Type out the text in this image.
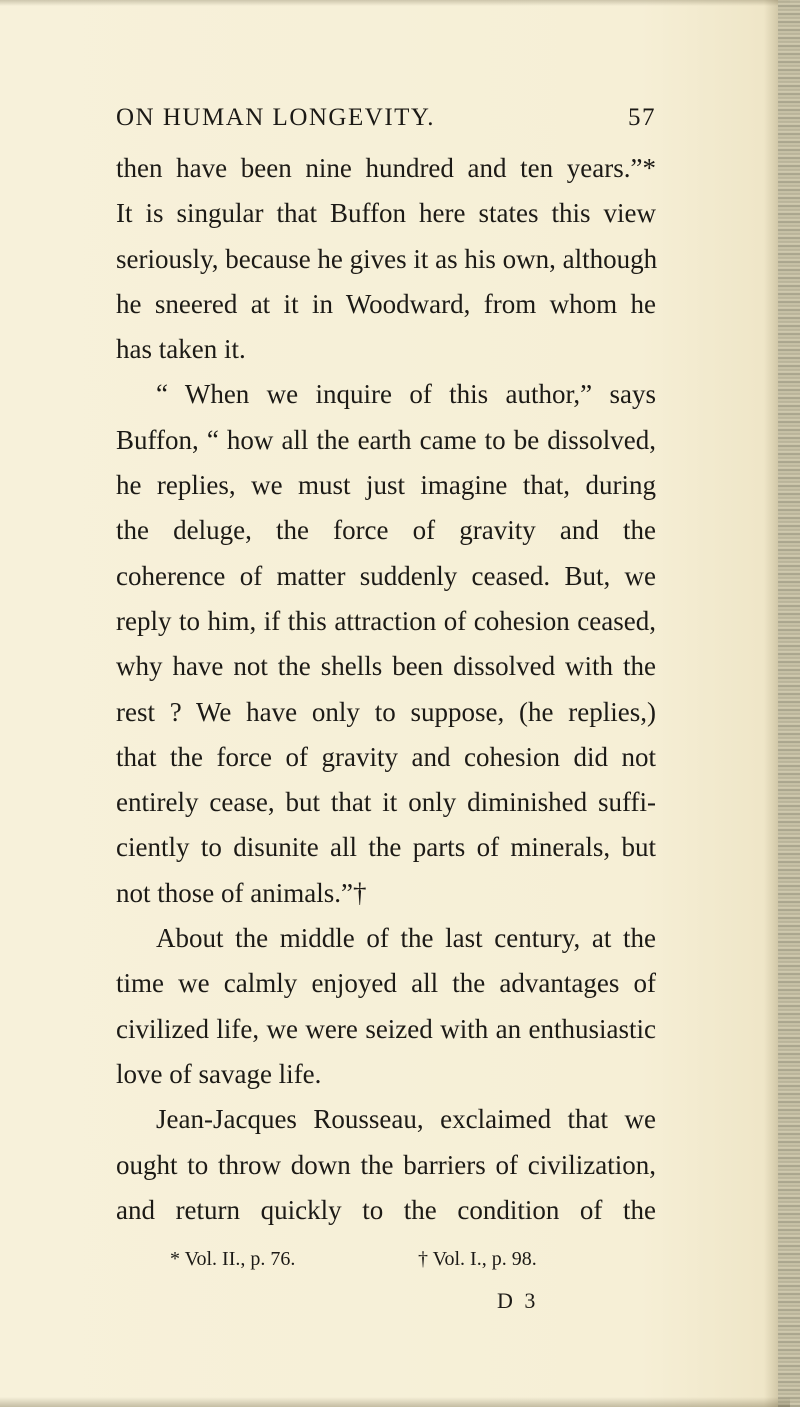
ON HUMAN LONGEVITY.	57
then have been nine hundred and ten years.”*
It is singular that Buffon here states this view
seriously, because he gives it as his own, although
he sneered at it in Woodward, from whom he
has taken it.
“ When we inquire of this author,” says
Buffon, “ how all the earth came to be dissolved,
he replies, we must just imagine that, during
the deluge, the force of gravity and the
coherence of matter suddenly ceased. But, we
reply to him, if this attraction of cohesion ceased,
why have not the shells been dissolved with the
rest ? We have only to suppose, (he replies,)
that the force of gravity and cohesion did not
entirely cease, but that it only diminished suffi-
ciently to disunite all the parts of minerals, but
not those of animals.”†
About the middle of the last century, at the
time we calmly enjoyed all the advantages of
civilized life, we were seized with an enthusiastic
love of savage life.
Jean-Jacques Rousseau, exclaimed that we
ought to throw down the barriers of civilization,
and return quickly to the condition of the
* Vol. II., p. 76.	† Vol. I., p. 98.
D 3
